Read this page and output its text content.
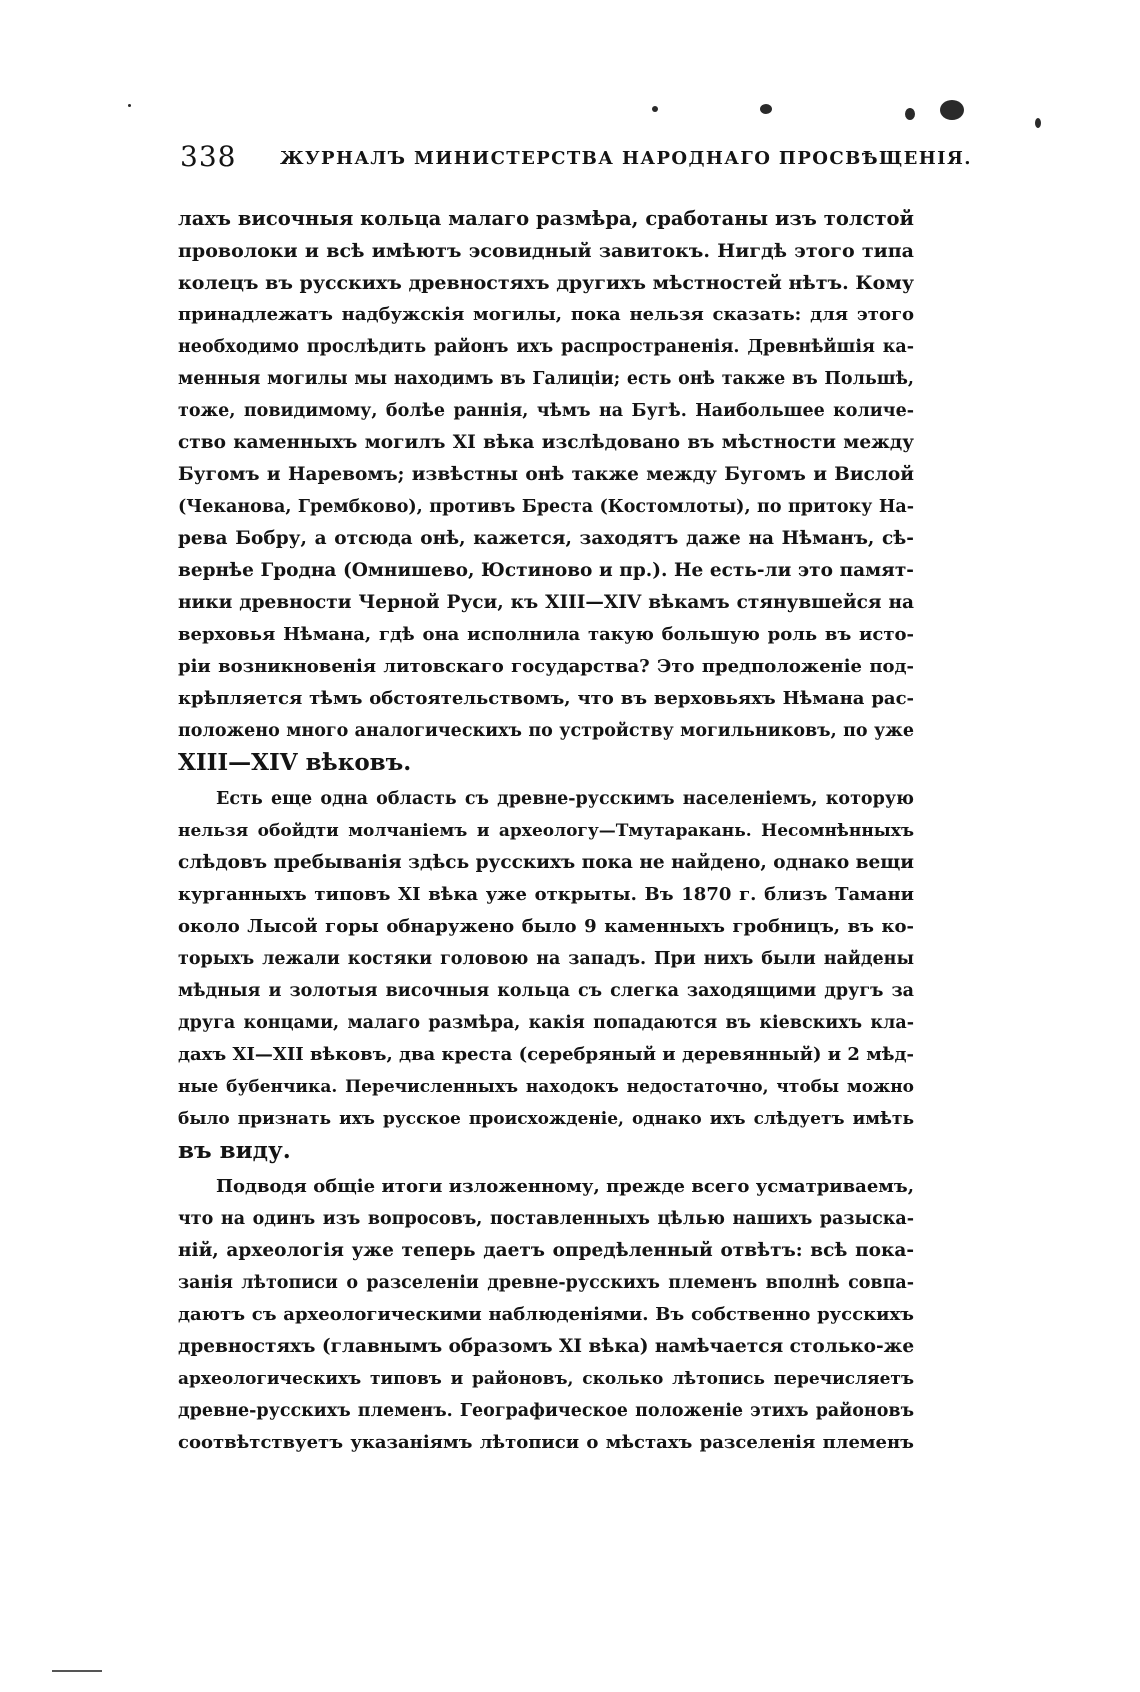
338 ЖУРНАЛЪ МИНИСТЕРСТВА НАРОДНАГО ПРОСВѢЩЕНІЯ.
лахъ височныя кольца малаго размѣра, сработаны изъ толстой
проволоки и всѣ имѣютъ эсовидный завитокъ. Нигдѣ этого типа
колецъ въ русскихъ древностяхъ другихъ мѣстностей нѣтъ. Кому
принадлежатъ надбужскія могилы, пока нельзя сказать: для этого
необходимо прослѣдить районъ ихъ распространенія. Древнѣйшія ка-
менныя могилы мы находимъ въ Галиціи; есть онѣ также въ Польшѣ,
тоже, повидимому, болѣе раннія, чѣмъ на Бугѣ. Наибольшее количе-
ство каменныхъ могилъ XI вѣка изслѣдовано въ мѣстности между
Бугомъ и Наревомъ; извѣстны онѣ также между Бугомъ и Вислой
(Чеканова, Грембково), противъ Бреста (Костомлоты), по притоку На-
рева Бобру, а отсюда онѣ, кажется, заходятъ даже на Нѣманъ, сѣ-
вернѣе Гродна (Омнишево, Юстиново и пр.). Не есть-ли это памят-
ники древности Черной Руси, къ XIII—XIV вѣкамъ стянувшейся на
верховья Нѣмана, гдѣ она исполнила такую большую роль въ исто-
ріи возникновенія литовскаго государства? Это предположеніе под-
крѣпляется тѣмъ обстоятельствомъ, что въ верховьяхъ Нѣмана рас-
положено много аналогическихъ по устройству могильниковъ, по уже
XIII—XIV вѣковъ.
Есть еще одна область съ древне-русскимъ населеніемъ, которую
нельзя обойдти молчаніемъ и археологу—Тмутаракань. Несомнѣнныхъ
слѣдовъ пребыванія здѣсь русскихъ пока не найдено, однако вещи
курганныхъ типовъ XI вѣка уже открыты. Въ 1870 г. близъ Тамани
около Лысой горы обнаружено было 9 каменныхъ гробницъ, въ ко-
торыхъ лежали костяки головою на западъ. При нихъ были найдены
мѣдныя и золотыя височныя кольца съ слегка заходящими другъ за
друга концами, малаго размѣра, какія попадаются въ кіевскихъ кла-
дахъ XI—XII вѣковъ, два креста (серебряный и деревянный) и 2 мѣд-
ные бубенчика. Перечисленныхъ находокъ недостаточно, чтобы можно
было признать ихъ русское происхожденіе, однако ихъ слѣдуетъ имѣть
въ виду.
Подводя общіе итоги изложенному, прежде всего усматриваемъ,
что на одинъ изъ вопросовъ, поставленныхъ цѣлью нашихъ разыска-
ній, археологія уже теперь даетъ опредѣленный отвѣтъ: всѣ пока-
занія лѣтописи о разселеніи древне-русскихъ племенъ вполнѣ совпа-
даютъ съ археологическими наблюденіями. Въ собственно русскихъ
древностяхъ (главнымъ образомъ XI вѣка) намѣчается столько-же
археологическихъ типовъ и районовъ, сколько лѣтопись перечисляетъ
древне-русскихъ племенъ. Географическое положеніе этихъ районовъ
соотвѣтствуетъ указаніямъ лѣтописи о мѣстахъ разселенія племенъ
